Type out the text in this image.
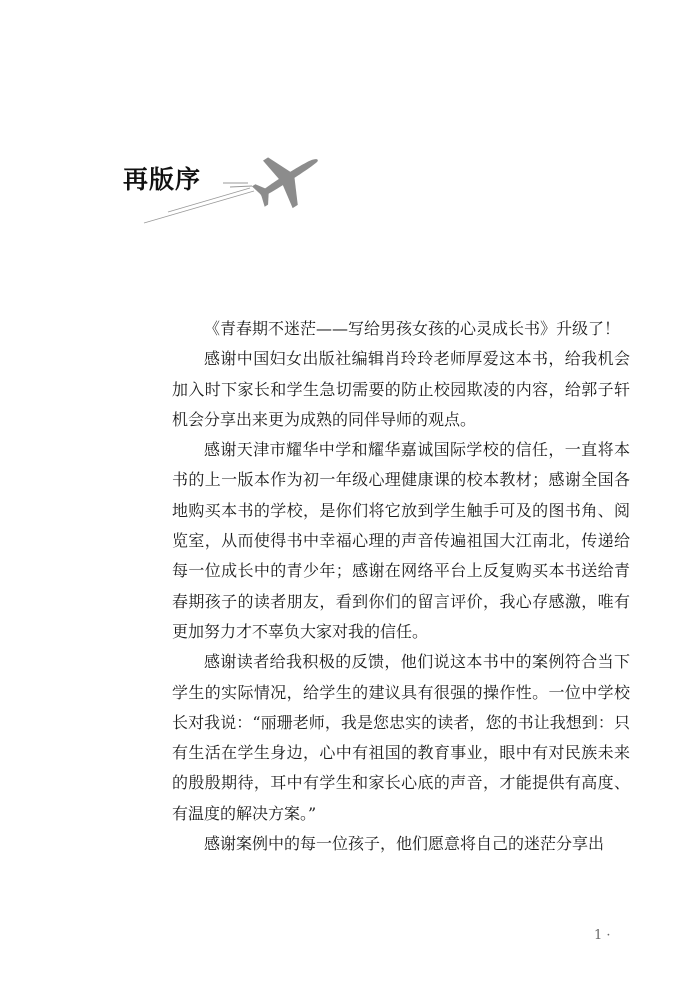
再版序

《青春期不迷茫——写给男孩女孩的心灵成长书》升级了！

感谢中国妇女出版社编辑肖玲玲老师厚爱这本书，给我机会加入时下家长和学生急切需要的防止校园欺凌的内容，给郭子轩机会分享出来更为成熟的同伴导师的观点。

感谢天津市耀华中学和耀华嘉诚国际学校的信任，一直将本书的上一版本作为初一年级心理健康课的校本教材；感谢全国各地购买本书的学校，是你们将它放到学生触手可及的图书角、阅览室，从而使得书中幸福心理的声音传遍祖国大江南北，传递给每一位成长中的青少年；感谢在网络平台上反复购买本书送给青春期孩子的读者朋友，看到你们的留言评价，我心存感激，唯有更加努力才不辜负大家对我的信任。

感谢读者给我积极的反馈，他们说这本书中的案例符合当下学生的实际情况，给学生的建议具有很强的操作性。一位中学校长对我说：“丽珊老师，我是您忠实的读者，您的书让我想到：只有生活在学生身边，心中有祖国的教育事业，眼中有对民族未来的殷殷期待，耳中有学生和家长心底的声音，才能提供有高度、有温度的解决方案。”

感谢案例中的每一位孩子，他们愿意将自己的迷茫分享出

1 ·
